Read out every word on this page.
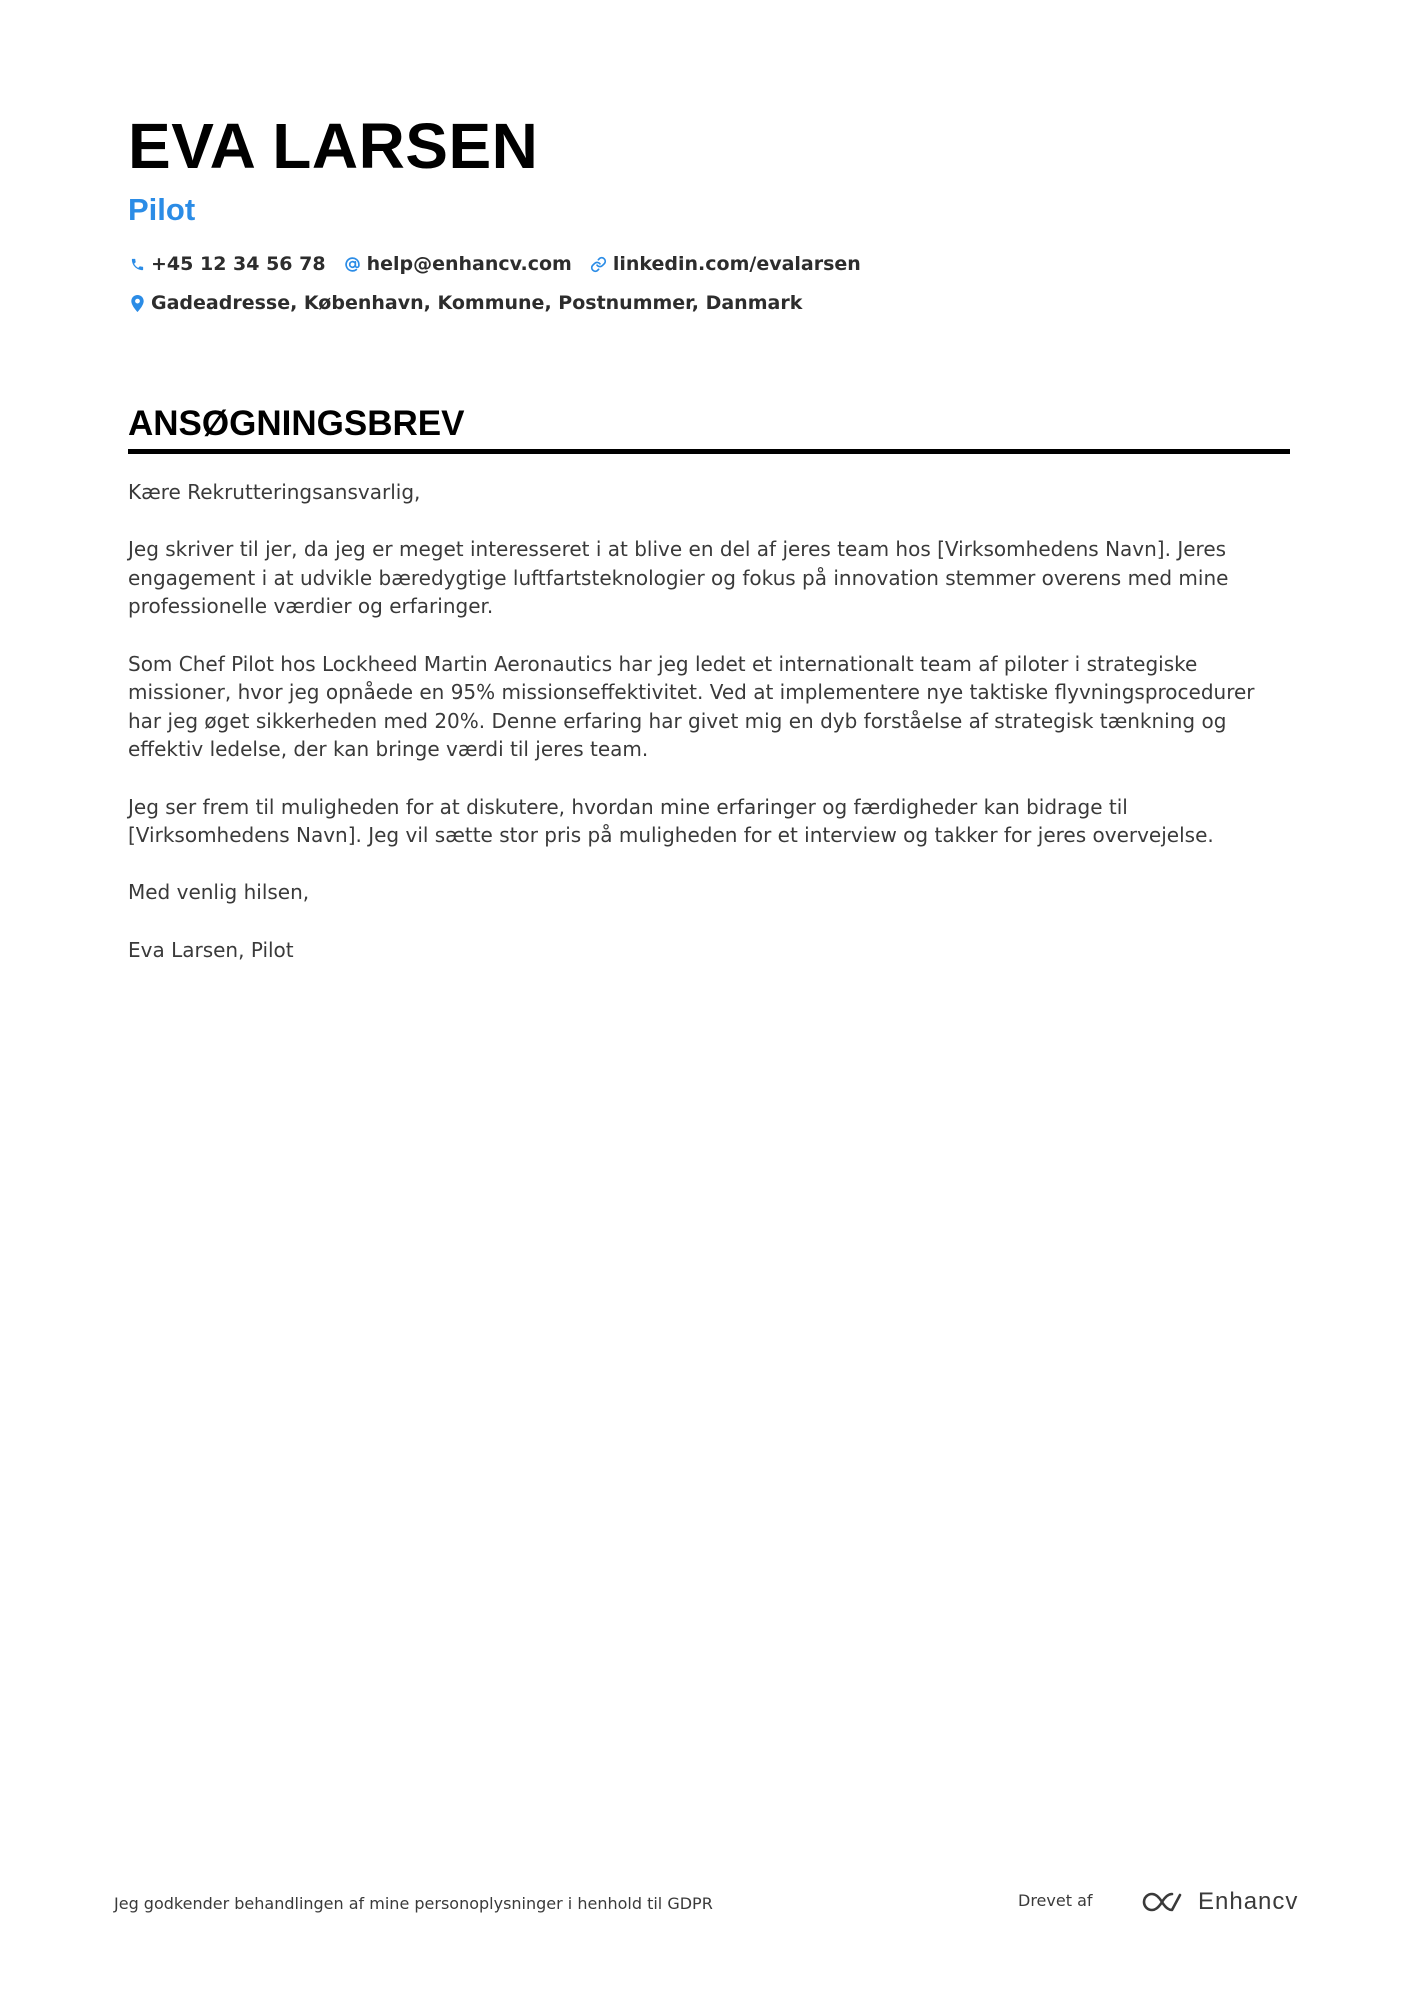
EVA LARSEN
Pilot
+45 12 34 56 78 help@enhancv.com linkedin.com/evalarsen
Gadeadresse, København, Kommune, Postnummer, Danmark
ANSØGNINGSBREV

Kære Rekrutteringsansvarlig,

Jeg skriver til jer, da jeg er meget interesseret i at blive en del af jeres team hos [Virksomhedens Navn]. Jeres engagement i at udvikle bæredygtige luftfartsteknologier og fokus på innovation stemmer overens med mine professionelle værdier og erfaringer.

Som Chef Pilot hos Lockheed Martin Aeronautics har jeg ledet et internationalt team af piloter i strategiske missioner, hvor jeg opnåede en 95% missionseffektivitet. Ved at implementere nye taktiske flyvningsprocedurer har jeg øget sikkerheden med 20%. Denne erfaring har givet mig en dyb forståelse af strategisk tænkning og effektiv ledelse, der kan bringe værdi til jeres team.

Jeg ser frem til muligheden for at diskutere, hvordan mine erfaringer og færdigheder kan bidrage til [Virksomhedens Navn]. Jeg vil sætte stor pris på muligheden for et interview og takker for jeres overvejelse.

Med venlig hilsen,

Eva Larsen, Pilot

Jeg godkender behandlingen af mine personoplysninger i henhold til GDPR	Drevet af	Enhancv
